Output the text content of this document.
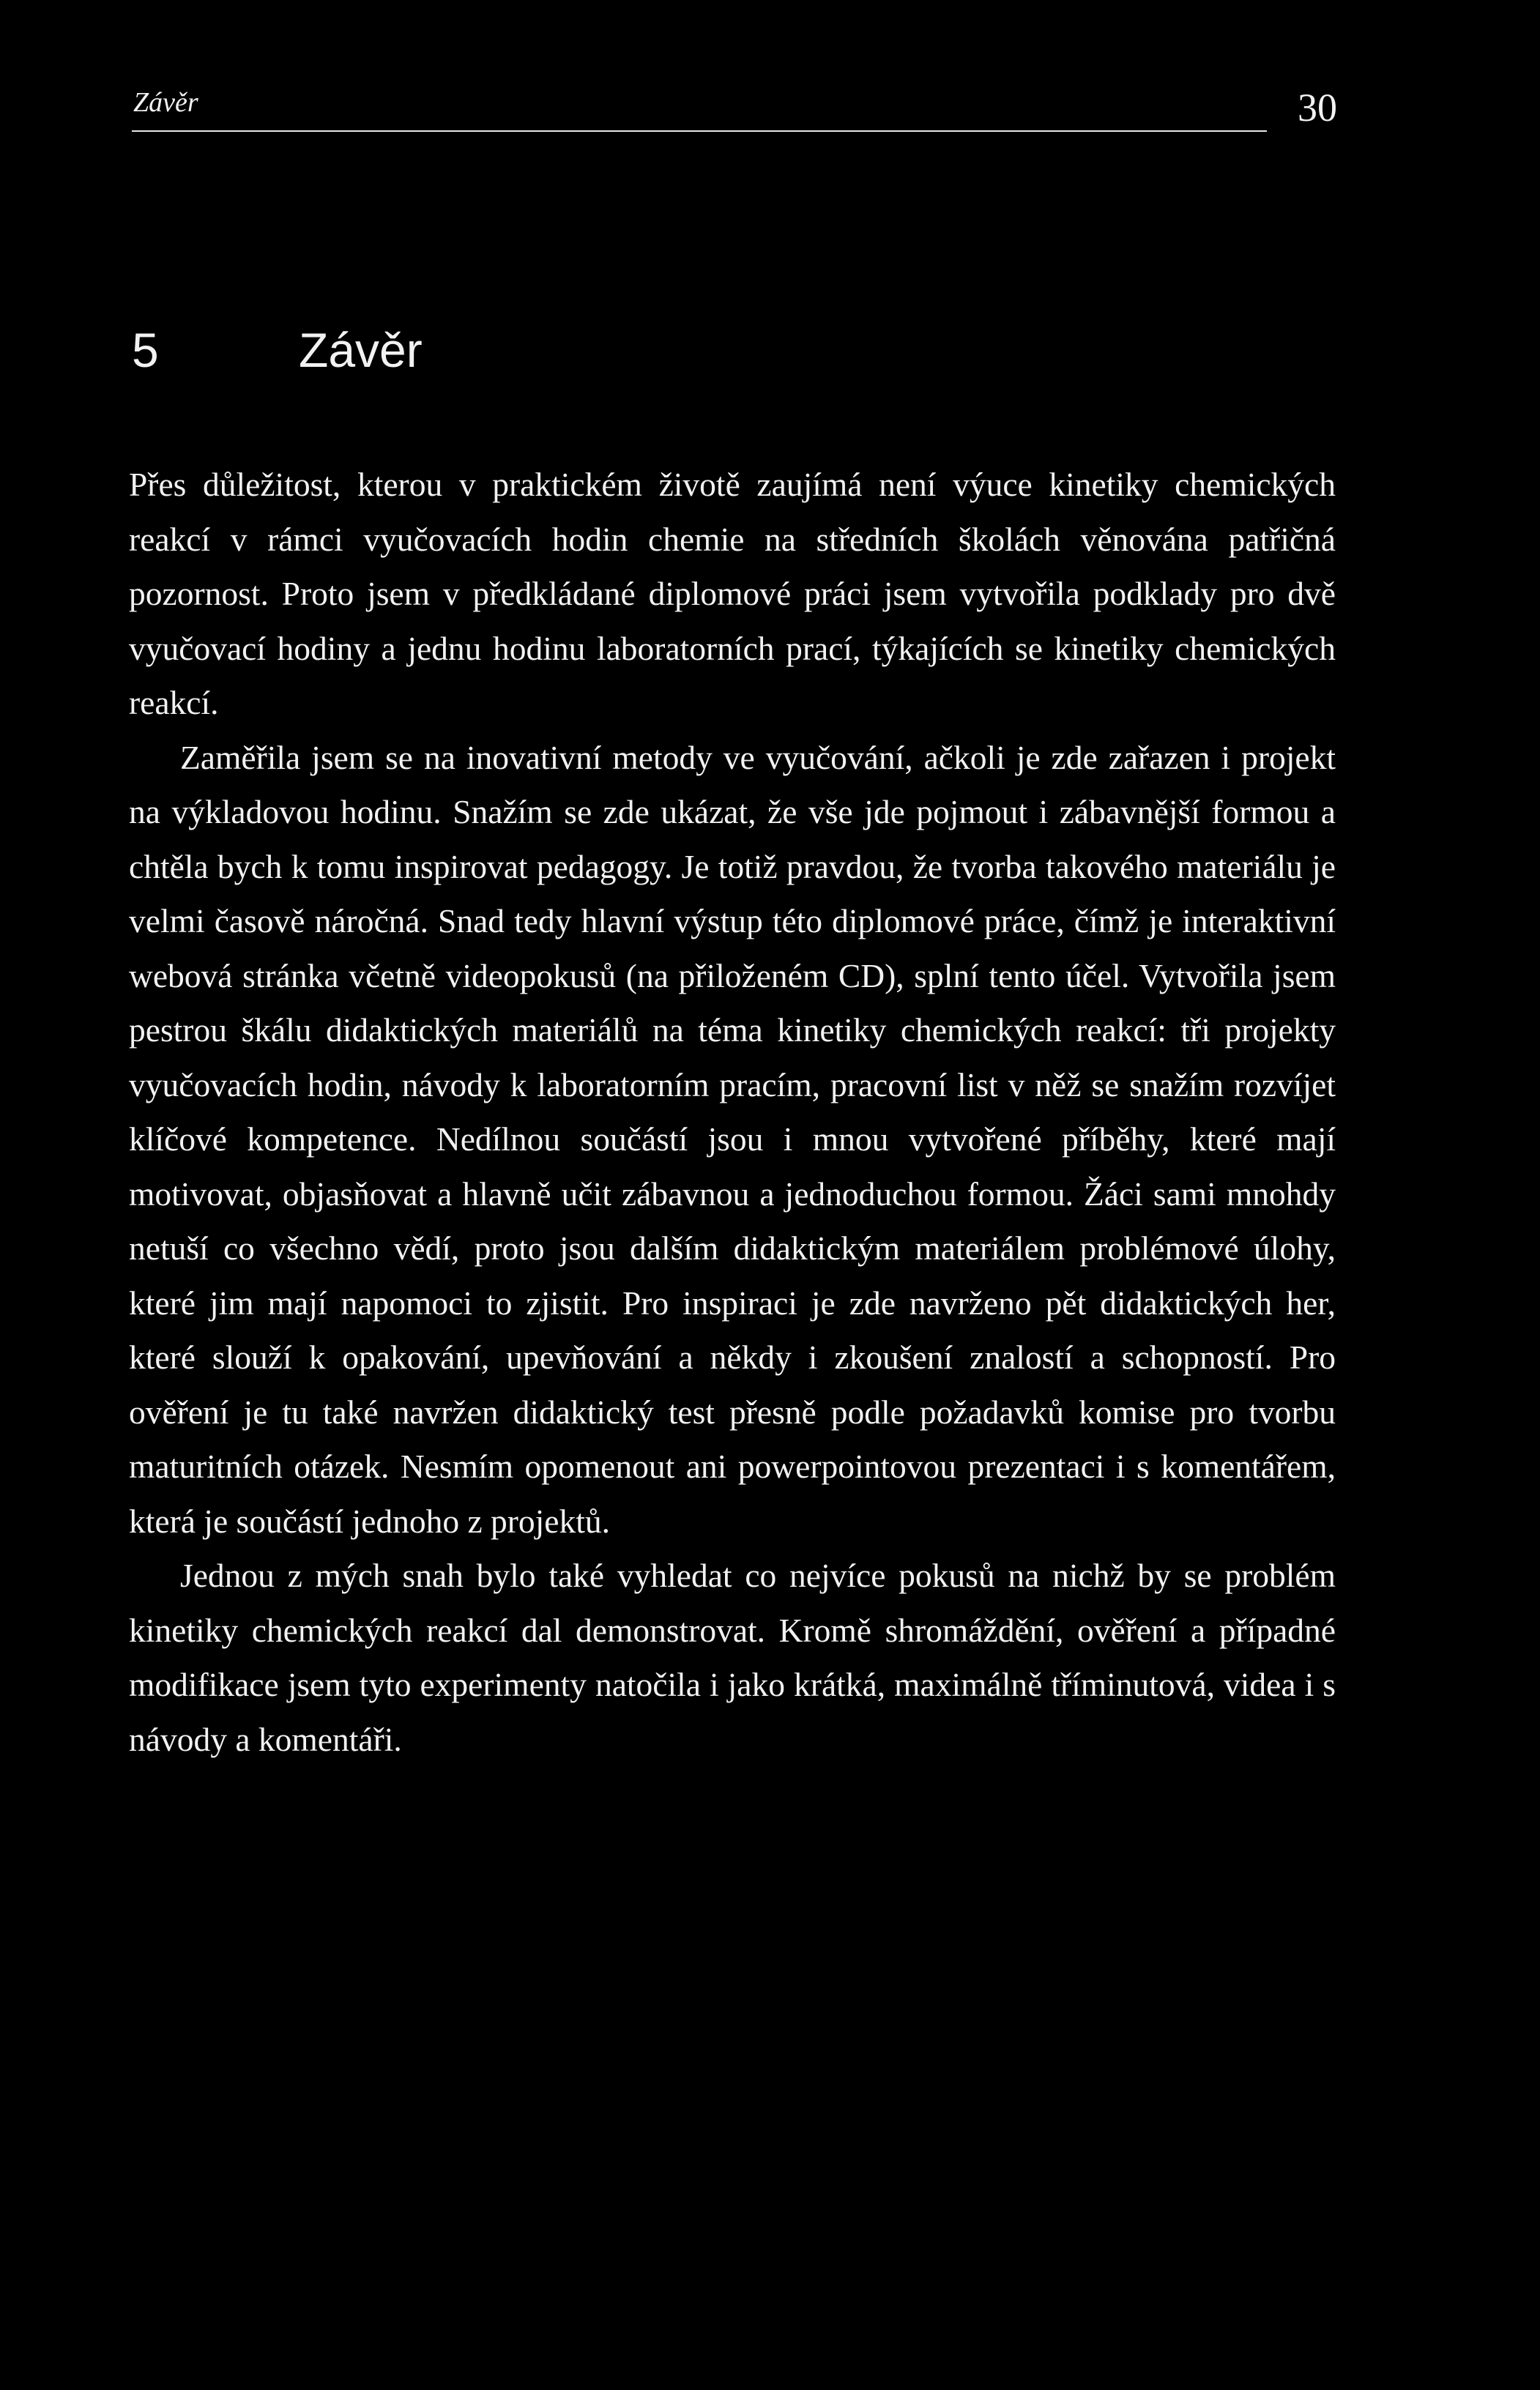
Závěr	30
5	Závěr

Přes důležitost, kterou v praktickém životě zaujímá není výuce kinetiky chemických reakcí v rámci vyučovacích hodin chemie na středních školách věnována patřičná pozornost. Proto jsem v předkládané diplomové práci jsem vytvořila podklady pro dvě vyučovací hodiny a jednu hodinu laboratorních prací, týkajících se kinetiky chemických reakcí.

Zaměřila jsem se na inovativní metody ve vyučování, ačkoli je zde zařazen i projekt na výkladovou hodinu. Snažím se zde ukázat, že vše jde pojmout i zábavnější formou a chtěla bych k tomu inspirovat pedagogy. Je totiž pravdou, že tvorba takového materiálu je velmi časově náročná. Snad tedy hlavní výstup této diplomové práce, čímž je interaktivní webová stránka včetně videopokusů (na přiloženém CD), splní tento účel. Vytvořila jsem pestrou škálu didaktických materiálů na téma kinetiky chemických reakcí: tři projekty vyučovacích hodin, návody k laboratorním pracím, pracovní list v něž se snažím rozvíjet klíčové kompetence. Nedílnou součástí jsou i mnou vytvořené příběhy, které mají motivovat, objasňovat a hlavně učit zábavnou a jednoduchou formou. Žáci sami mnohdy netuší co všechno vědí, proto jsou dalším didaktickým materiálem problémové úlohy, které jim mají napomoci to zjistit. Pro inspiraci je zde navrženo pět didaktických her, které slouží k opakování, upevňování a někdy i zkoušení znalostí a schopností. Pro ověření je tu také navržen didaktický test přesně podle požadavků komise pro tvorbu maturitních otázek. Nesmím opomenout ani powerpointovou prezentaci i s komentářem, která je součástí jednoho z projektů.

Jednou z mých snah bylo také vyhledat co nejvíce pokusů na nichž by se problém kinetiky chemických reakcí dal demonstrovat. Kromě shromáždění, ověření a případné modifikace jsem tyto experimenty natočila i jako krátká, maximálně tříminutová, videa i s návody a komentáři.
